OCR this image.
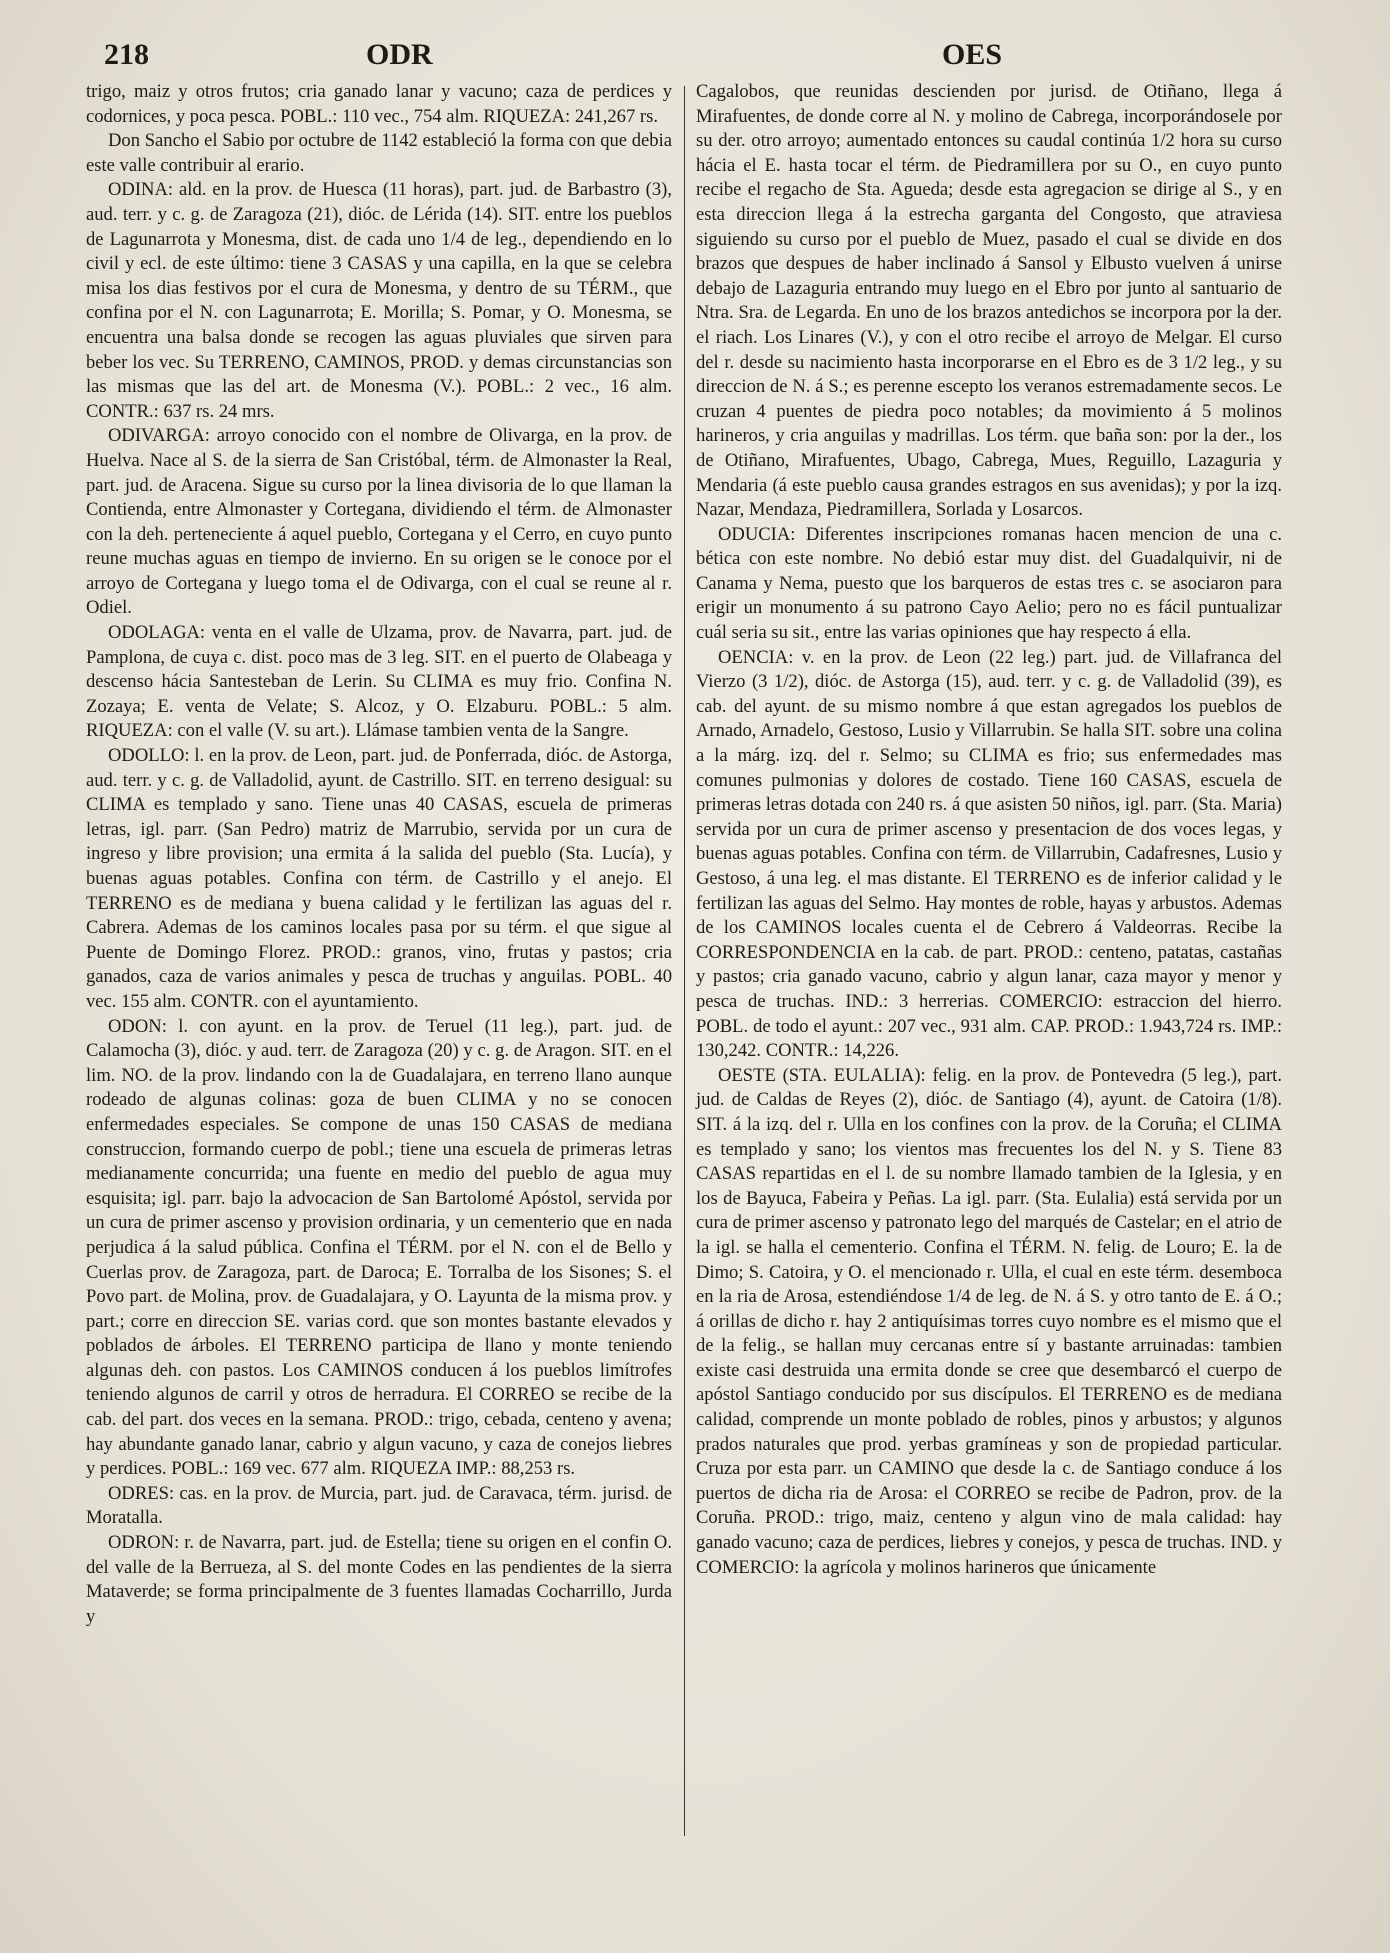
218	ODR	OES

trigo, maiz y otros frutos; cria ganado lanar y vacuno; caza de perdices y codornices, y poca pesca. POBL.: 110 vec., 754 alm. RIQUEZA: 241,267 rs.

Don Sancho el Sabio por octubre de 1142 estableció la forma con que debia este valle contribuir al erario.

ODINA: ald. en la prov. de Huesca (11 horas), part. jud. de Barbastro (3), aud. terr. y c. g. de Zaragoza (21), dióc. de Lérida (14). SIT. entre los pueblos de Lagunarrota y Monesma, dist. de cada uno 1/4 de leg., dependiendo en lo civil y ecl. de este último: tiene 3 CASAS y una capilla, en la que se celebra misa los dias festivos por el cura de Monesma, y dentro de su TÉRM., que confina por el N. con Lagunarrota; E. Morilla; S. Pomar, y O. Monesma, se encuentra una balsa donde se recogen las aguas pluviales que sirven para beber los vec. Su TERRENO, CAMINOS, PROD. y demas circunstancias son las mismas que las del art. de Monesma (V.). POBL.: 2 vec., 16 alm. CONTR.: 637 rs. 24 mrs.

ODIVARGA: arroyo conocido con el nombre de Olivarga, en la prov. de Huelva. Nace al S. de la sierra de San Cristóbal, térm. de Almonaster la Real, part. jud. de Aracena. Sigue su curso por la linea divisoria de lo que llaman la Contienda, entre Almonaster y Cortegana, dividiendo el térm. de Almonaster con la deh. perteneciente á aquel pueblo, Cortegana y el Cerro, en cuyo punto reune muchas aguas en tiempo de invierno. En su origen se le conoce por el arroyo de Cortegana y luego toma el de Odivarga, con el cual se reune al r. Odiel.

ODOLAGA: venta en el valle de Ulzama, prov. de Navarra, part. jud. de Pamplona, de cuya c. dist. poco mas de 3 leg. SIT. en el puerto de Olabeaga y descenso hácia Santesteban de Lerin. Su CLIMA es muy frio. Confina N. Zozaya; E. venta de Velate; S. Alcoz, y O. Elzaburu. POBL.: 5 alm. RIQUEZA: con el valle (V. su art.). Llámase tambien venta de la Sangre.

ODOLLO: l. en la prov. de Leon, part. jud. de Ponferrada, dióc. de Astorga, aud. terr. y c. g. de Valladolid, ayunt. de Castrillo. SIT. en terreno desigual: su CLIMA es templado y sano. Tiene unas 40 CASAS, escuela de primeras letras, igl. parr. (San Pedro) matriz de Marrubio, servida por un cura de ingreso y libre provision; una ermita á la salida del pueblo (Sta. Lucía), y buenas aguas potables. Confina con térm. de Castrillo y el anejo. El TERRENO es de mediana y buena calidad y le fertilizan las aguas del r. Cabrera. Ademas de los caminos locales pasa por su térm. el que sigue al Puente de Domingo Florez. PROD.: granos, vino, frutas y pastos; cria ganados, caza de varios animales y pesca de truchas y anguilas. POBL. 40 vec. 155 alm. CONTR. con el ayuntamiento.

ODON: l. con ayunt. en la prov. de Teruel (11 leg.), part. jud. de Calamocha (3), dióc. y aud. terr. de Zaragoza (20) y c. g. de Aragon. SIT. en el lim. NO. de la prov. lindando con la de Guadalajara, en terreno llano aunque rodeado de algunas colinas: goza de buen CLIMA y no se conocen enfermedades especiales. Se compone de unas 150 CASAS de mediana construccion, formando cuerpo de pobl.; tiene una escuela de primeras letras medianamente concurrida; una fuente en medio del pueblo de agua muy esquisita; igl. parr. bajo la advocacion de San Bartolomé Apóstol, servida por un cura de primer ascenso y provision ordinaria, y un cementerio que en nada perjudica á la salud pública. Confina el TÉRM. por el N. con el de Bello y Cuerlas prov. de Zaragoza, part. de Daroca; E. Torralba de los Sisones; S. el Povo part. de Molina, prov. de Guadalajara, y O. Layunta de la misma prov. y part.; corre en direccion SE. varias cord. que son montes bastante elevados y poblados de árboles. El TERRENO participa de llano y monte teniendo algunas deh. con pastos. Los CAMINOS conducen á los pueblos limítrofes teniendo algunos de carril y otros de herradura. El CORREO se recibe de la cab. del part. dos veces en la semana. PROD.: trigo, cebada, centeno y avena; hay abundante ganado lanar, cabrio y algun vacuno, y caza de conejos liebres y perdices. POBL.: 169 vec. 677 alm. RIQUEZA IMP.: 88,253 rs.

ODRES: cas. en la prov. de Murcia, part. jud. de Caravaca, térm. jurisd. de Moratalla.

ODRON: r. de Navarra, part. jud. de Estella; tiene su origen en el confin O. del valle de la Berrueza, al S. del monte Codes en las pendientes de la sierra Mataverde; se forma principalmente de 3 fuentes llamadas Cocharrillo, Jurda y

Cagalobos, que reunidas descienden por jurisd. de Otiñano, llega á Mirafuentes, de donde corre al N. y molino de Cabrega, incorporándosele por su der. otro arroyo; aumentado entonces su caudal continúa 1/2 hora su curso hácia el E. hasta tocar el térm. de Piedramillera por su O., en cuyo punto recibe el regacho de Sta. Agueda; desde esta agregacion se dirige al S., y en esta direccion llega á la estrecha garganta del Congosto, que atraviesa siguiendo su curso por el pueblo de Muez, pasado el cual se divide en dos brazos que despues de haber inclinado á Sansol y Elbusto vuelven á unirse debajo de Lazaguria entrando muy luego en el Ebro por junto al santuario de Ntra. Sra. de Legarda. En uno de los brazos antedichos se incorpora por la der. el riach. Los Linares (V.), y con el otro recibe el arroyo de Melgar. El curso del r. desde su nacimiento hasta incorporarse en el Ebro es de 3 1/2 leg., y su direccion de N. á S.; es perenne escepto los veranos estremadamente secos. Le cruzan 4 puentes de piedra poco notables; da movimiento á 5 molinos harineros, y cria anguilas y madrillas. Los térm. que baña son: por la der., los de Otiñano, Mirafuentes, Ubago, Cabrega, Mues, Reguillo, Lazaguria y Mendaria (á este pueblo causa grandes estragos en sus avenidas); y por la izq. Nazar, Mendaza, Piedramillera, Sorlada y Losarcos.

ODUCIA: Diferentes inscripciones romanas hacen mencion de una c. bética con este nombre. No debió estar muy dist. del Guadalquivir, ni de Canama y Nema, puesto que los barqueros de estas tres c. se asociaron para erigir un monumento á su patrono Cayo Aelio; pero no es fácil puntualizar cuál seria su sit., entre las varias opiniones que hay respecto á ella.

OENCIA: v. en la prov. de Leon (22 leg.) part. jud. de Villafranca del Vierzo (3 1/2), dióc. de Astorga (15), aud. terr. y c. g. de Valladolid (39), es cab. del ayunt. de su mismo nombre á que estan agregados los pueblos de Arnado, Arnadelo, Gestoso, Lusio y Villarrubin. Se halla SIT. sobre una colina a la márg. izq. del r. Selmo; su CLIMA es frio; sus enfermedades mas comunes pulmonias y dolores de costado. Tiene 160 CASAS, escuela de primeras letras dotada con 240 rs. á que asisten 50 niños, igl. parr. (Sta. Maria) servida por un cura de primer ascenso y presentacion de dos voces legas, y buenas aguas potables. Confina con térm. de Villarrubin, Cadafresnes, Lusio y Gestoso, á una leg. el mas distante. El TERRENO es de inferior calidad y le fertilizan las aguas del Selmo. Hay montes de roble, hayas y arbustos. Ademas de los CAMINOS locales cuenta el de Cebrero á Valdeorras. Recibe la CORRESPONDENCIA en la cab. de part. PROD.: centeno, patatas, castañas y pastos; cria ganado vacuno, cabrio y algun lanar, caza mayor y menor y pesca de truchas. IND.: 3 herrerias. COMERCIO: estraccion del hierro. POBL. de todo el ayunt.: 207 vec., 931 alm. CAP. PROD.: 1.943,724 rs. IMP.: 130,242. CONTR.: 14,226.

OESTE (STA. EULALIA): felig. en la prov. de Pontevedra (5 leg.), part. jud. de Caldas de Reyes (2), dióc. de Santiago (4), ayunt. de Catoira (1/8). SIT. á la izq. del r. Ulla en los confines con la prov. de la Coruña; el CLIMA es templado y sano; los vientos mas frecuentes los del N. y S. Tiene 83 CASAS repartidas en el l. de su nombre llamado tambien de la Iglesia, y en los de Bayuca, Fabeira y Peñas. La igl. parr. (Sta. Eulalia) está servida por un cura de primer ascenso y patronato lego del marqués de Castelar; en el atrio de la igl. se halla el cementerio. Confina el TÉRM. N. felig. de Louro; E. la de Dimo; S. Catoira, y O. el mencionado r. Ulla, el cual en este térm. desemboca en la ria de Arosa, estendiéndose 1/4 de leg. de N. á S. y otro tanto de E. á O.; á orillas de dicho r. hay 2 antiquísimas torres cuyo nombre es el mismo que el de la felig., se hallan muy cercanas entre sí y bastante arruinadas: tambien existe casi destruida una ermita donde se cree que desembarcó el cuerpo de apóstol Santiago conducido por sus discípulos. El TERRENO es de mediana calidad, comprende un monte poblado de robles, pinos y arbustos; y algunos prados naturales que prod. yerbas gramíneas y son de propiedad particular. Cruza por esta parr. un CAMINO que desde la c. de Santiago conduce á los puertos de dicha ria de Arosa: el CORREO se recibe de Padron, prov. de la Coruña. PROD.: trigo, maiz, centeno y algun vino de mala calidad: hay ganado vacuno; caza de perdices, liebres y conejos, y pesca de truchas. IND. y COMERCIO: la agrícola y molinos harineros que únicamente
